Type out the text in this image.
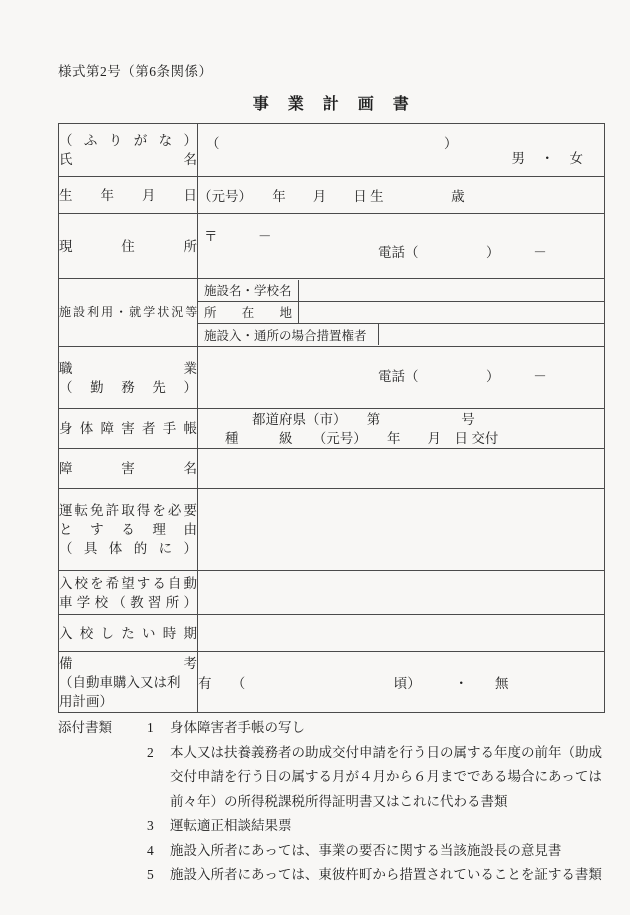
様式第2号（第6条関係）
事　業　計　画　書
（ふりがな）
氏名	（ ）
男　・　女

生年月日	（元号）　　年　　月　　日 生　　　　　歳

現住所	〒　　　－
電話（　　　　　）　　　－

施設利用・就学状況等	施設名・学校名
所在地
施設入・通所の場合措置権者

職業
（勤務先）	電話（　　　　　）　　　－

身体障害者手帳	　　　　都道府県（市）　　第　　　　　　号
　　種　　　級　　（元号）　　年　　月　日 交付

障害名	

運転免許取得を必要
とする理由
（具体的に）	

入校を希望する自動
車学校（教習所）	

入校したい時期	

備考
（自動車購入又は利
用計画）	有　　（　　　　　　　　　　　頃）　　　・　　無
添付書類	1	身体障害者手帳の写し
2	本人又は扶養義務者の助成交付申請を行う日の属する年度の前年（助成交付申請を行う日の属する月が４月から６月までである場合にあっては前々年）の所得税課税所得証明書又はこれに代わる書類
3	運転適正相談結果票
4	施設入所者にあっては、事業の要否に関する当該施設長の意見書
5	施設入所者にあっては、東彼杵町から措置されていることを証する書類
